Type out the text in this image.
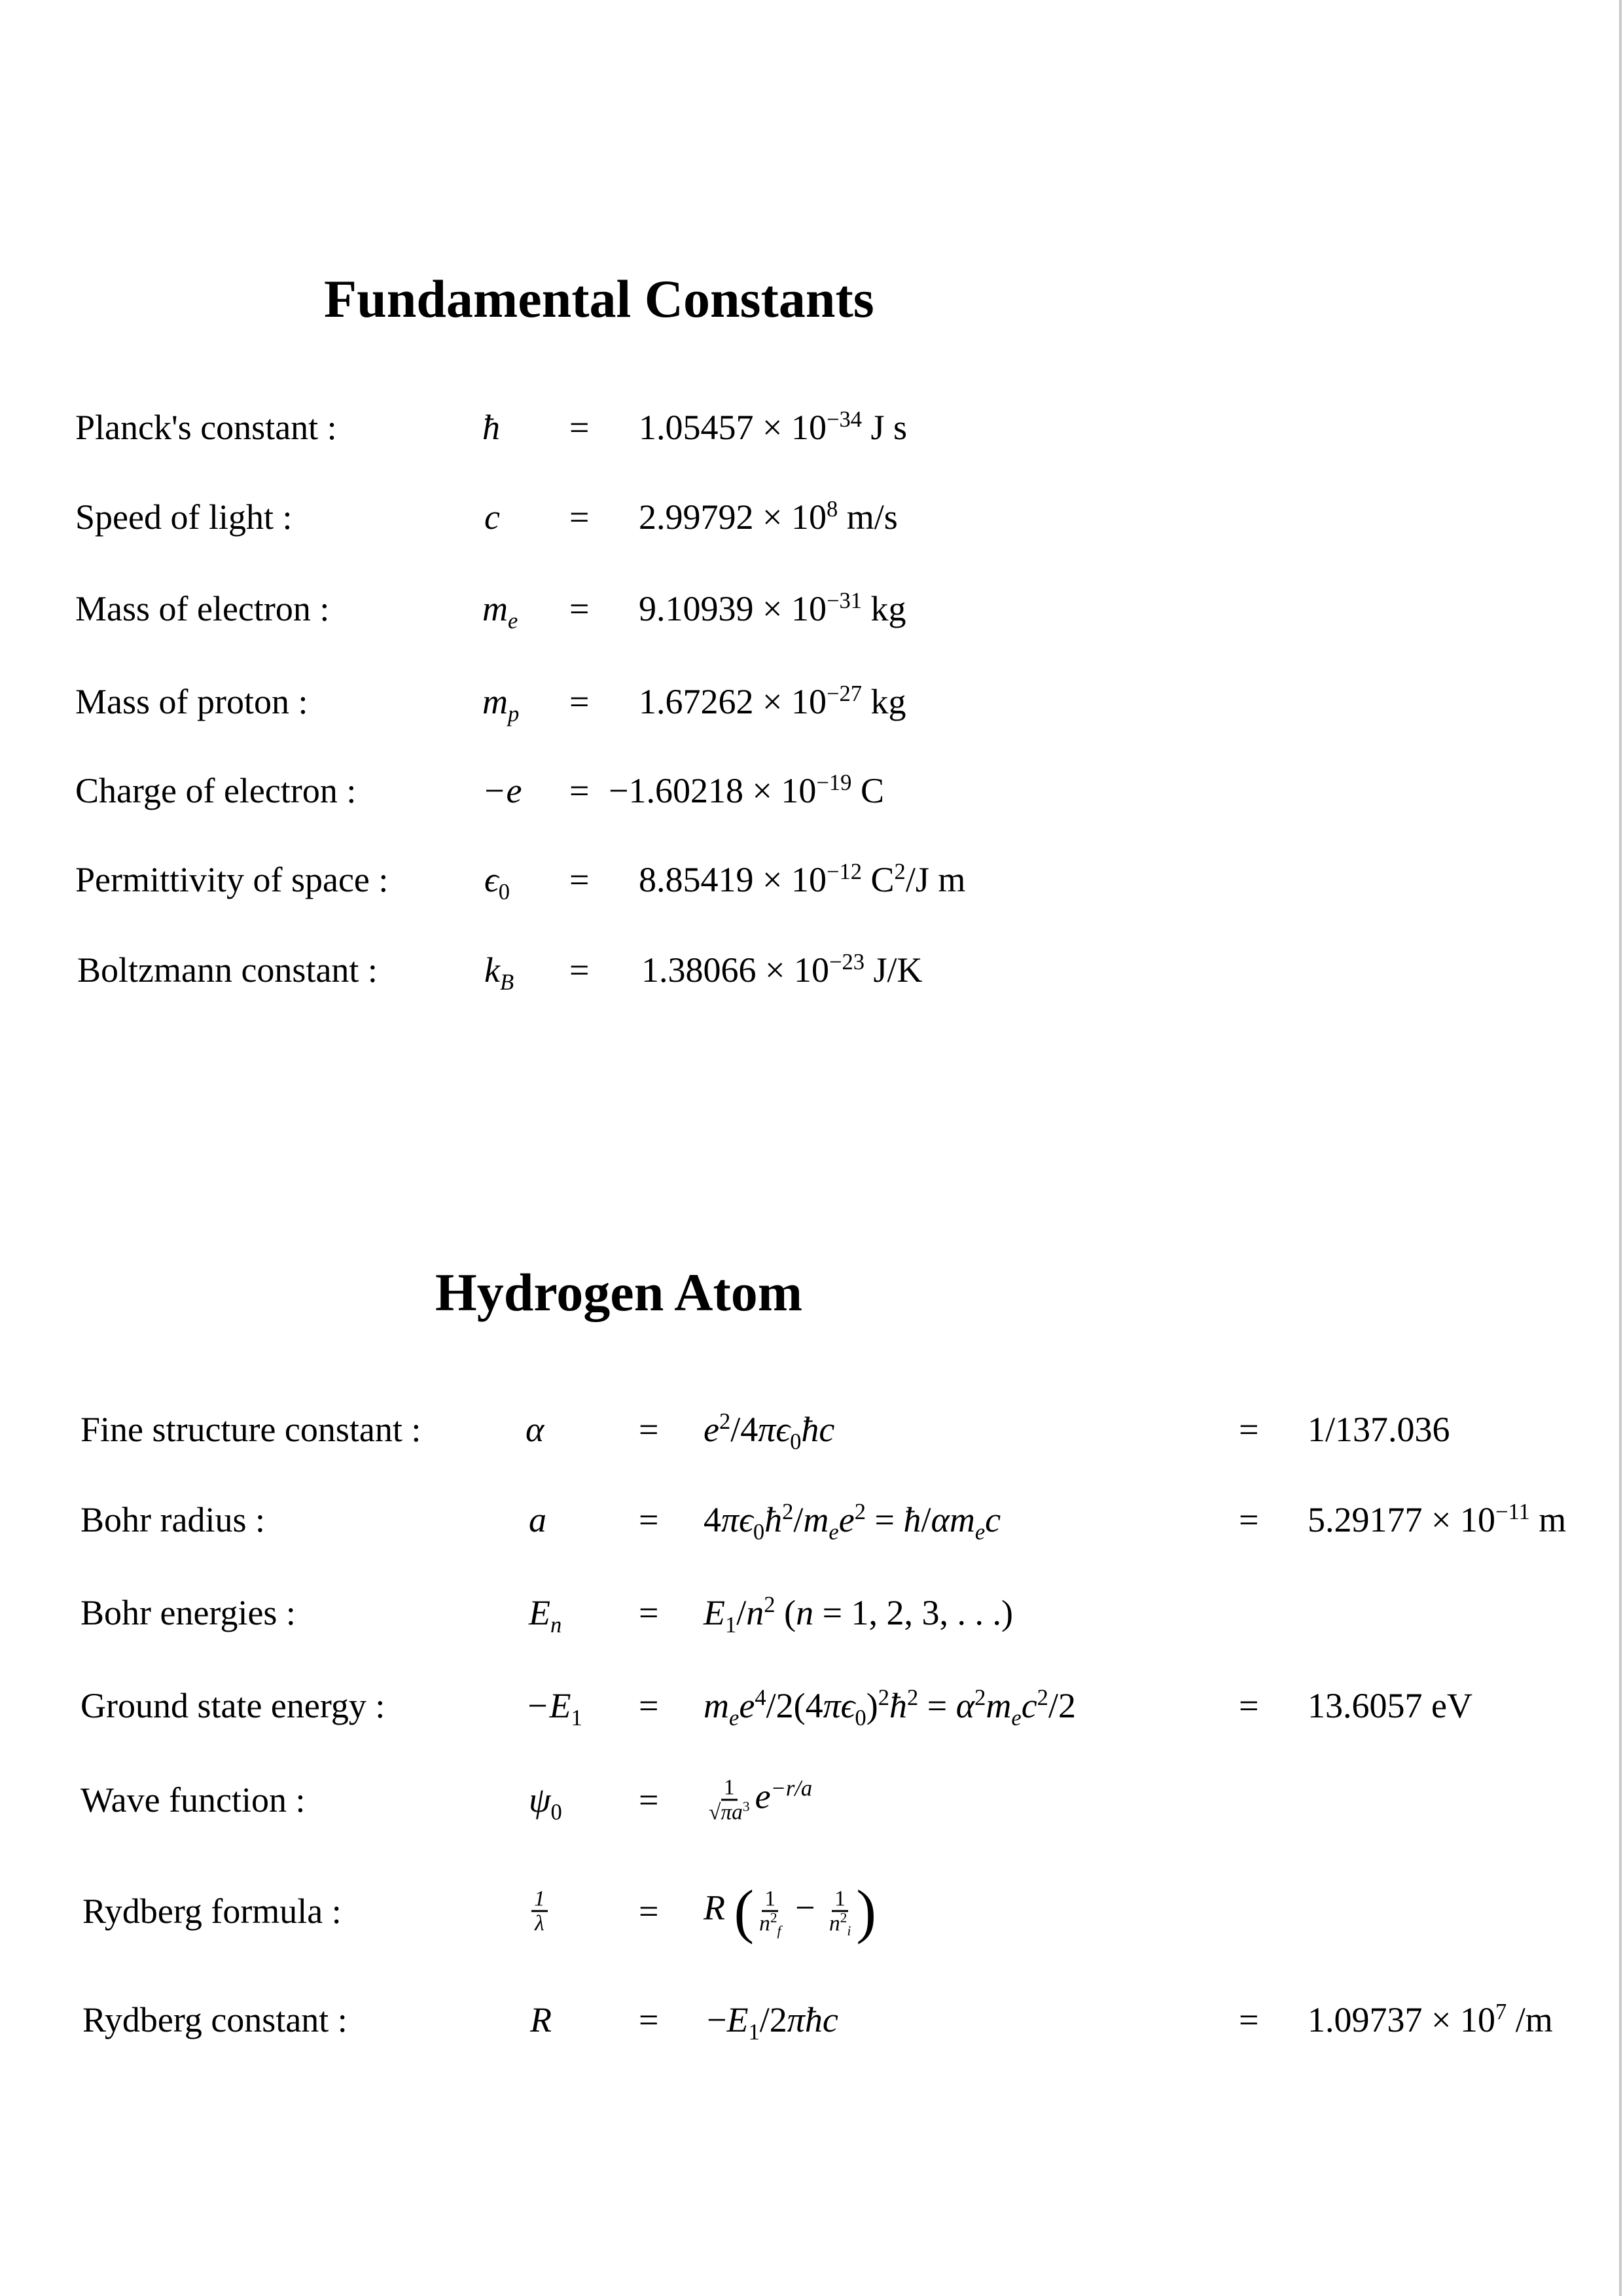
Fundamental Constants
Planck's constant :	ħ = $1.05457 \times 10^{-34}$ J s
Speed of light :	$c = 2.99792 \times 10^8$ m/s
Mass of electron :	$m_e = 9.10939 \times 10^{-31}$ kg
Mass of proton :	$m_p = 1.67262 \times 10^{-27}$ kg
Charge of electron :	$-e = -1.60218 \times 10^{-19}$ C
Permittivity of space :	$\epsilon_0 = 8.85419 \times 10^{-12}$ $C^2/J$ m
Boltzmann constant :	$k_B = 1.38066 \times 10^{-23}$ J/K
Hydrogen Atom
Fine structure constant :	α	= $e^2/4\pi\epsilon_0ħc$	= 1/137.036
Bohr radius :	a	= $4\pi\epsilon_0ħ^2/m_ee^2$ = $ħ/\alpha m_ec$	= $5.29177 \times 10^{-11}$ m
Bohr energies :	$E_n = E_1/n^2$ (n = 1, 2, 3, . . .)
Ground state energy :	$-E_1$ = $m_ee^4/2(4\pi\epsilon_0)^2ħ^2 = \alpha^2m_ec^2/2$	= 13.6057 eV
Wave function :	$\psi_0 = \frac{1}{√\pi a^3} e^{-r/a}$
Rydberg formula :	$\frac{1}{\lambda}$	= R ( $\frac{1}{n^2_f} - \frac{1}{n^2_i}$ )
Rydberg constant :	$R = -E_1/2\pi ħc$	= $1.09737 \times 10^7$ /m
